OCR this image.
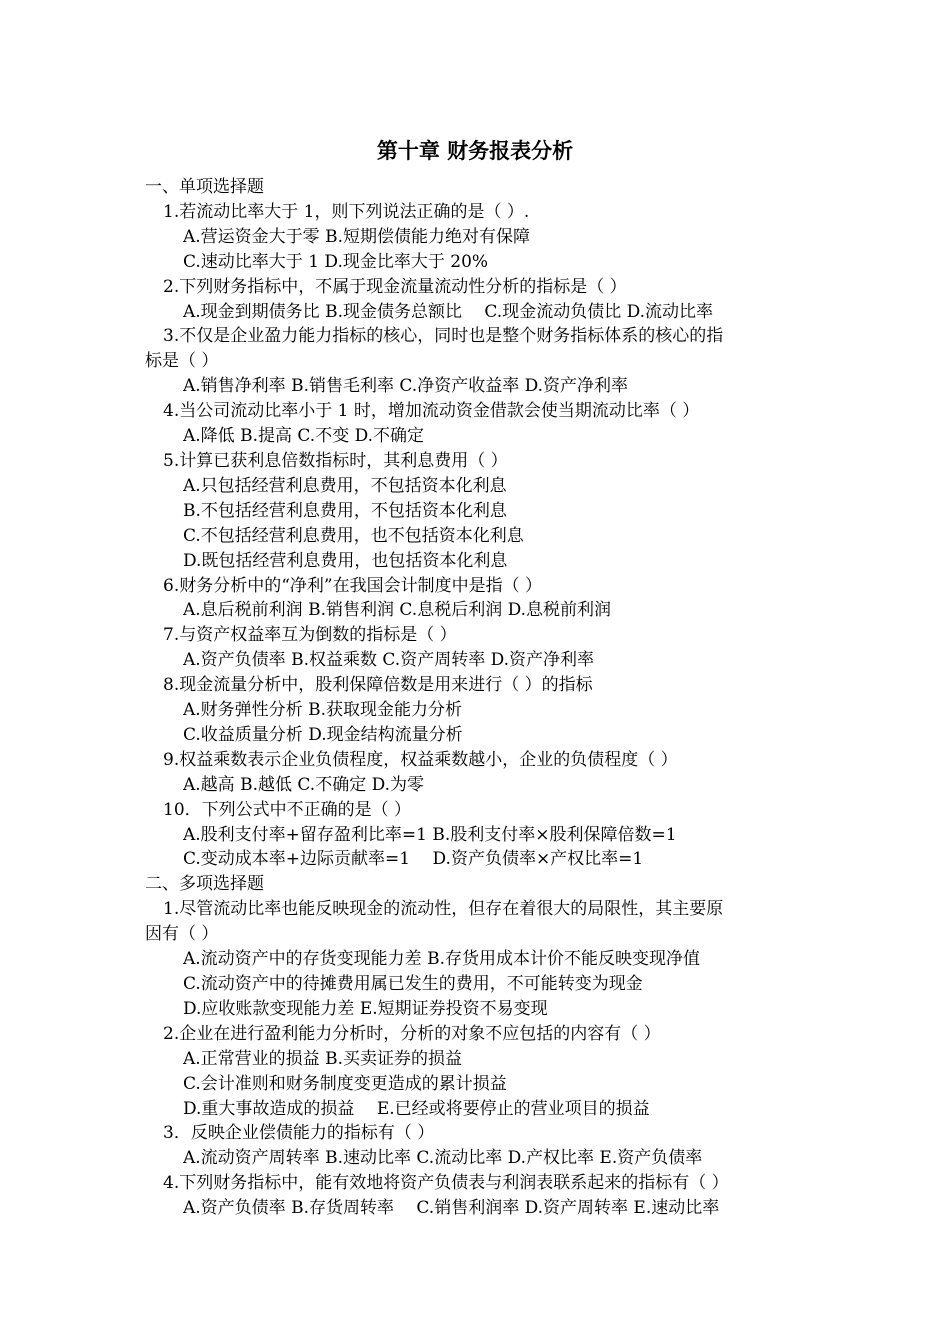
第十章 财务报表分析
一、单项选择题
1.若流动比率大于 1，则下列说法正确的是（ ）.
A.营运资金大于零 B.短期偿债能力绝对有保障
C.速动比率大于 1 D.现金比率大于 20%
2.下列财务指标中，不属于现金流量流动性分析的指标是（ ）
A.现金到期债务比 B.现金债务总额比　 C.现金流动负债比 D.流动比率
3.不仅是企业盈力能力指标的核心，同时也是整个财务指标体系的核心的指
标是（ ）
A.销售净利率 B.销售毛利率 C.净资产收益率 D.资产净利率
4.当公司流动比率小于 1 时，增加流动资金借款会使当期流动比率（ ）
A.降低 B.提高 C.不变 D.不确定
5.计算已获利息倍数指标时，其利息费用（ ）
A.只包括经营利息费用，不包括资本化利息
B.不包括经营利息费用，不包括资本化利息
C.不包括经营利息费用，也不包括资本化利息
D.既包括经营利息费用，也包括资本化利息
6.财务分析中的“净利”在我国会计制度中是指（ ）
A.息后税前利润 B.销售利润 C.息税后利润 D.息税前利润
7.与资产权益率互为倒数的指标是（ ）
A.资产负债率 B.权益乘数 C.资产周转率 D.资产净利率
8.现金流量分析中，股利保障倍数是用来进行（ ）的指标
A.财务弹性分析 B.获取现金能力分析
C.收益质量分析 D.现金结构流量分析
9.权益乘数表示企业负债程度，权益乘数越小，企业的负债程度（ ）
A.越高 B.越低 C.不确定 D.为零
10．下列公式中不正确的是（ ）
A.股利支付率+留存盈利比率=1 B.股利支付率×股利保障倍数=1
C.变动成本率+边际贡献率=1　 D.资产负债率×产权比率=1
二、多项选择题
1.尽管流动比率也能反映现金的流动性，但存在着很大的局限性，其主要原
因有（ ）
A.流动资产中的存货变现能力差 B.存货用成本计价不能反映变现净值
C.流动资产中的待摊费用属已发生的费用，不可能转变为现金
D.应收账款变现能力差 E.短期证券投资不易变现
2.企业在进行盈利能力分析时，分析的对象不应包括的内容有（ ）
A.正常营业的损益 B.买卖证券的损益
C.会计准则和财务制度变更造成的累计损益
D.重大事故造成的损益　 E.已经或将要停止的营业项目的损益
3．反映企业偿债能力的指标有（ ）
A.流动资产周转率 B.速动比率 C.流动比率 D.产权比率 E.资产负债率
4.下列财务指标中，能有效地将资产负债表与利润表联系起来的指标有（ ）
A.资产负债率 B.存货周转率　 C.销售利润率 D.资产周转率 E.速动比率
